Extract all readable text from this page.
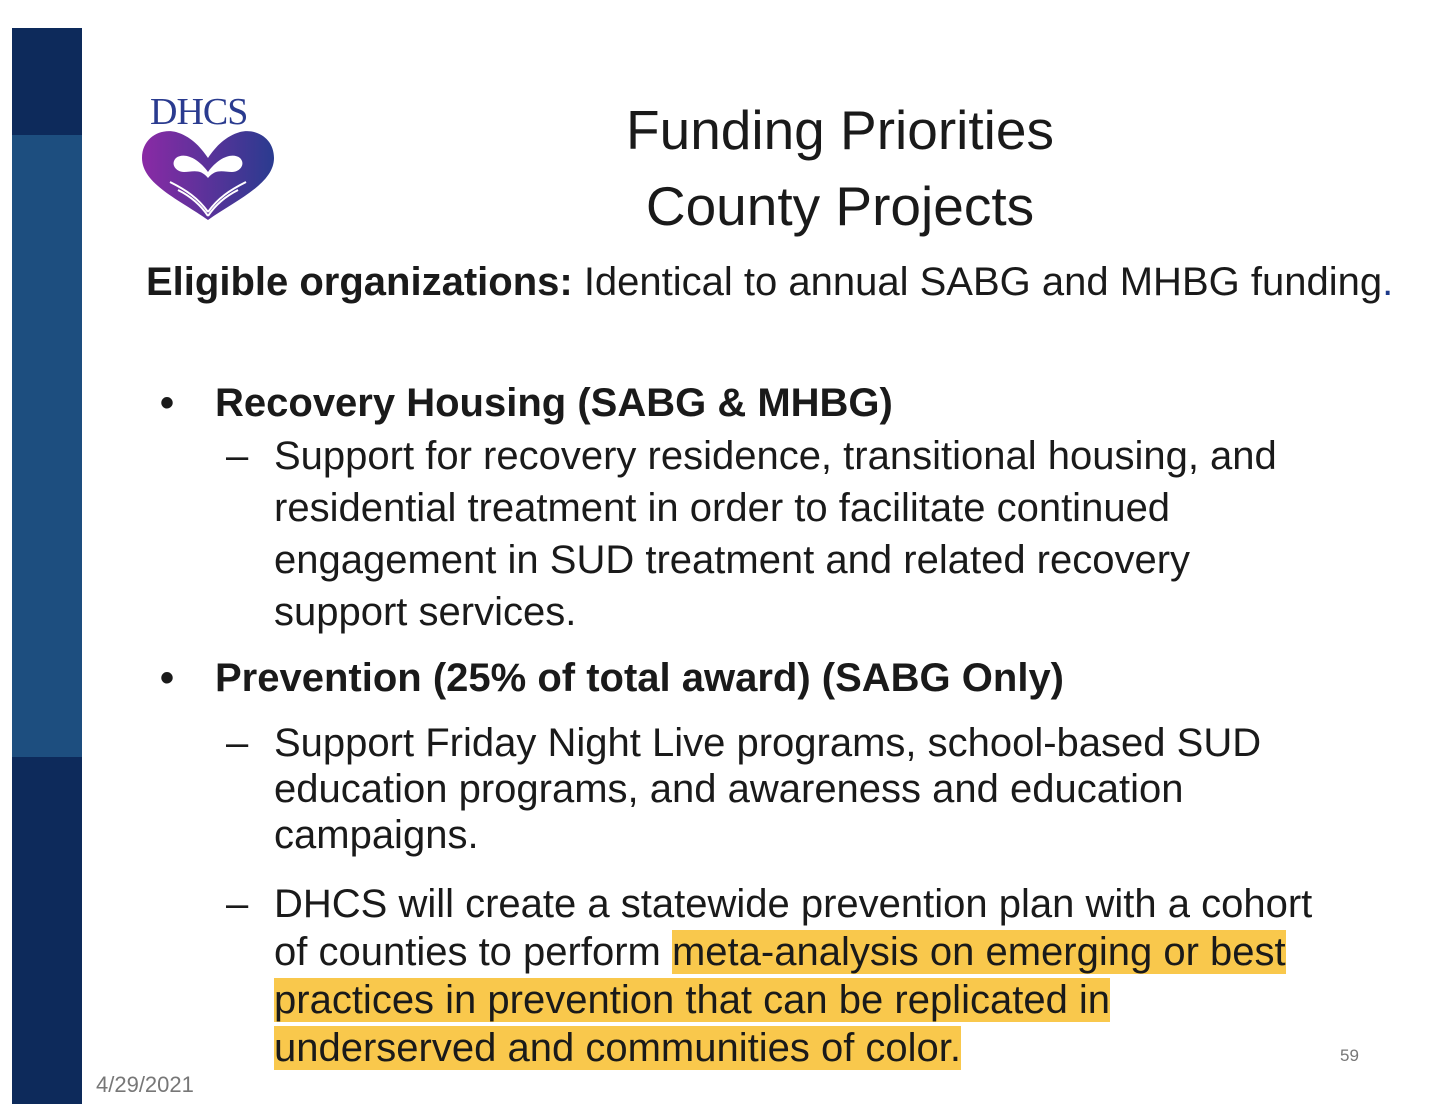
DHCS	Funding Priorities
County Projects
Eligible organizations: Identical to annual SABG and MHBG funding.
•	Recovery Housing (SABG & MHBG)
– Support for recovery residence, transitional housing, and
residential treatment in order to facilitate continued
engagement in SUD treatment and related recovery
support services.
•	Prevention (25% of total award) (SABG Only)
– Support Friday Night Live programs, school-based SUD
education programs, and awareness and education
campaigns.
– DHCS will create a statewide prevention plan with a cohort
of counties to perform meta-analysis on emerging or best
practices in prevention that can be replicated in
underserved and communities of color.	59
4/29/2021
